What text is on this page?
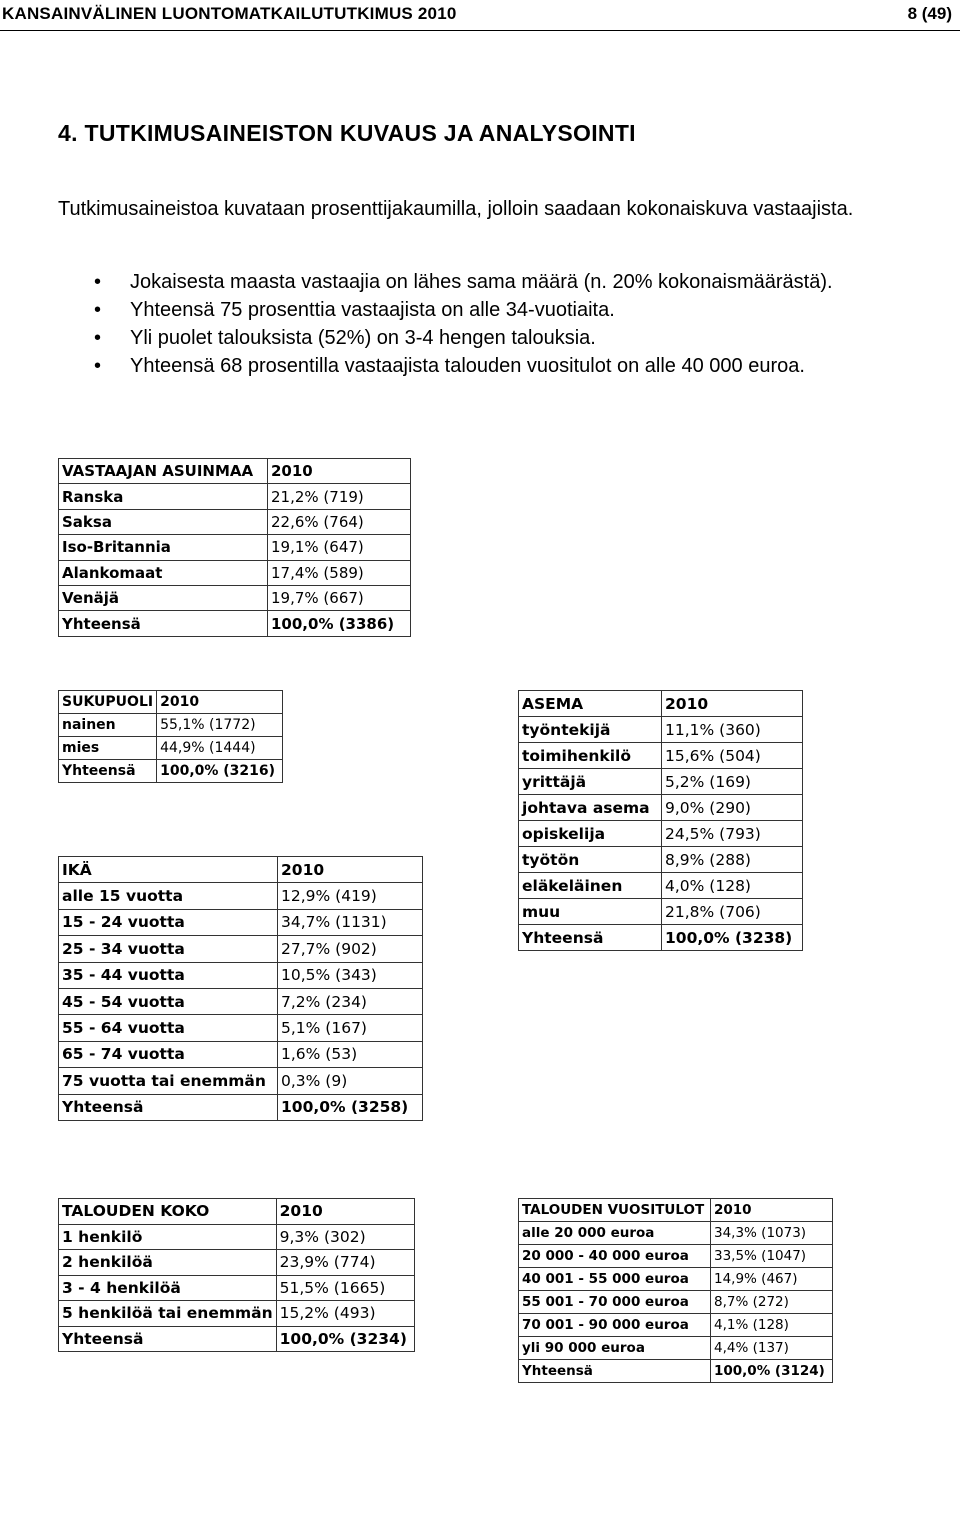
KANSAINVÄLINEN LUONTOMATKAILUTUTKIMUS 2010	8 (49)
4. TUTKIMUSAINEISTON KUVAUS JA ANALYSOINTI
Tutkimusaineistoa kuvataan prosenttijakaumilla, jolloin saadaan kokonaiskuva vastaajista.
• Jokaisesta maasta vastaajia on lähes sama määrä (n. 20% kokonaismäärästä).
• Yhteensä 75 prosenttia vastaajista on alle 34-vuotiaita.
• Yli puolet talouksista (52%) on 3-4 hengen talouksia.
• Yhteensä 68 prosentilla vastaajista talouden vuositulot on alle 40 000 euroa.
VASTAAJAN ASUINMAA	2010
Ranska	21,2% (719)
Saksa	22,6% (764)
Iso-Britannia	19,1% (647)
Alankomaat	17,4% (589)
Venäjä	19,7% (667)
Yhteensä	100,0% (3386)
SUKUPUOLI	2010
nainen	55,1% (1772)
mies	44,9% (1444)
Yhteensä	100,0% (3216)
IKÄ	2010
alle 15 vuotta	12,9% (419)
15 - 24 vuotta	34,7% (1131)
25 - 34 vuotta	27,7% (902)
35 - 44 vuotta	10,5% (343)
45 - 54 vuotta	7,2% (234)
55 - 64 vuotta	5,1% (167)
65 - 74 vuotta	1,6% (53)
75 vuotta tai enemmän	0,3% (9)
Yhteensä	100,0% (3258)
ASEMA	2010
työntekijä	11,1% (360)
toimihenkilö	15,6% (504)
yrittäjä	5,2% (169)
johtava asema	9,0% (290)
opiskelija	24,5% (793)
työtön	8,9% (288)
eläkeläinen	4,0% (128)
muu	21,8% (706)
Yhteensä	100,0% (3238)
TALOUDEN KOKO	2010
1 henkilö	9,3% (302)
2 henkilöä	23,9% (774)
3 - 4 henkilöä	51,5% (1665)
5 henkilöä tai enemmän	15,2% (493)
Yhteensä	100,0% (3234)
TALOUDEN VUOSITULOT	2010
alle 20 000 euroa	34,3% (1073)
20 000 - 40 000 euroa	33,5% (1047)
40 001 - 55 000 euroa	14,9% (467)
55 001 - 70 000 euroa	8,7% (272)
70 001 - 90 000 euroa	4,1% (128)
yli 90 000 euroa	4,4% (137)
Yhteensä	100,0% (3124)
